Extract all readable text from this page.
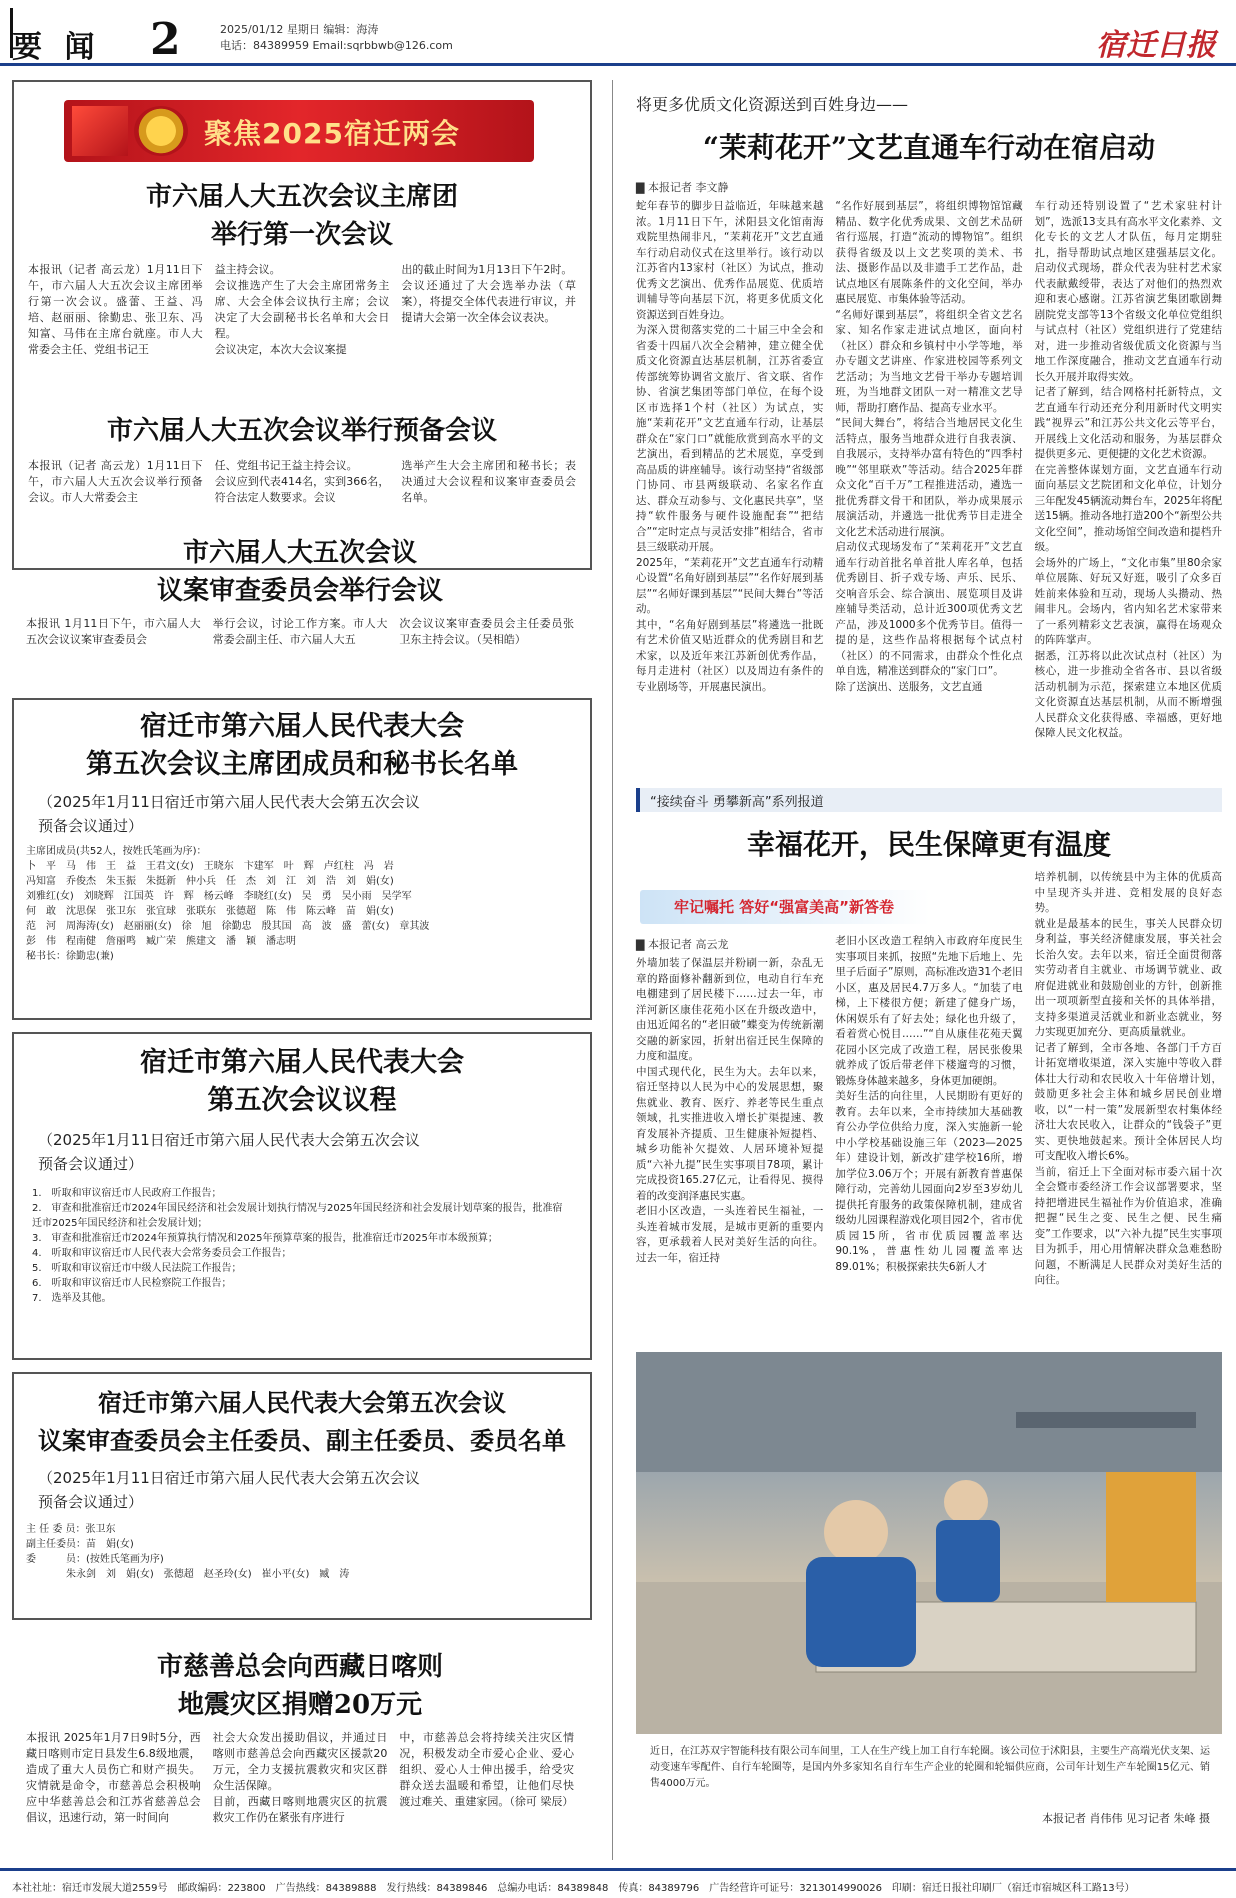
要 闻 2	2025/01/12 星期日 编辑：海涛
电话：84389959 Email:sqrbbwb@126.com	宿迁日报
聚焦2025宿迁两会
市六届人大五次会议主席团
举行第一次会议
本报讯（记者 高云龙）1月11日下午，市六届人大五次会议主席团举行第一次会议。盛蕾、王益、冯培、赵丽丽、徐勤忠、张卫东、冯知富、马伟在主席台就座。市人大常委会主任、党组书记王
益主持会议。
会议推选产生了大会主席团常务主席、大会全体会议执行主席；会议决定了大会副秘书长名单和大会日程。
会议决定，本次大会议案提
出的截止时间为1月13日下午2时。
会议还通过了大会选举办法（草案），将提交全体代表进行审议，并提请大会第一次全体会议表决。
市六届人大五次会议举行预备会议
本报讯（记者 高云龙）1月11日下午，市六届人大五次会议举行预备会议。市人大常委会主
任、党组书记王益主持会议。
会议应到代表414名，实到366名，符合法定人数要求。会议
选举产生大会主席团和秘书长；表决通过大会议程和议案审查委员会名单。
市六届人大五次会议
议案审查委员会举行会议
本报讯 1月11日下午，市六届人大五次会议议案审查委员会
举行会议，讨论工作方案。市人大常委会副主任、市六届人大五
次会议议案审查委员会主任委员张卫东主持会议。（吴相皓）
宿迁市第六届人民代表大会
第五次会议主席团成员和秘书长名单
（2025年1月11日宿迁市第六届人民代表大会第五次会议
预备会议通过）
主席团成员(共52人，按姓氏笔画为序)：
卜　平　马　伟　王　益　王君文(女)　王晓东　卞建军　叶　辉　卢红柱　冯　岩
冯知富　乔俊杰　朱玉振　朱挺新　仲小兵　任　杰　刘　江　刘　浩　刘　娟(女)
刘雅红(女)　刘晓辉　江国英　许　辉　杨云峰　李晓红(女)　吴　勇　吴小雨　吴学军
何　敢　沈思保　张卫东　张宜球　张联东　张德超　陈　伟　陈云峰　苗　娟(女)
范　河　周海涛(女)　赵丽丽(女)　徐　旭　徐勤忠　殷其国　高　波　盛　蕾(女)　章其波
彭　伟　程南健　詹丽鸣　臧广荣　熊建文　潘　颖　潘志明
秘书长：徐勤忠(兼)
宿迁市第六届人民代表大会
第五次会议议程
（2025年1月11日宿迁市第六届人民代表大会第五次会议
预备会议通过）
1.　听取和审议宿迁市人民政府工作报告；
2.　审查和批准宿迁市2024年国民经济和社会发展计划执行情况与2025年国民经济和社会发展计划草案的报告，批准宿迁市2025年国民经济和社会发展计划；
3.　审查和批准宿迁市2024年预算执行情况和2025年预算草案的报告，批准宿迁市2025年市本级预算；
4.　听取和审议宿迁市人民代表大会常务委员会工作报告；
5.　听取和审议宿迁市中级人民法院工作报告；
6.　听取和审议宿迁市人民检察院工作报告；
7.　选举及其他。
宿迁市第六届人民代表大会第五次会议
议案审查委员会主任委员、副主任委员、委员名单
（2025年1月11日宿迁市第六届人民代表大会第五次会议
预备会议通过）
主 任 委 员：张卫东
副主任委员：苗　娟(女)
委　　　员：(按姓氏笔画为序)
　　　　朱永剑　刘　娟(女)　张德超　赵圣玲(女)　崔小平(女)　臧　涛
市慈善总会向西藏日喀则
地震灾区捐赠20万元
本报讯 2025年1月7日9时5分，西藏日喀则市定日县发生6.8级地震，造成了重大人员伤亡和财产损失。灾情就是命令，市慈善总会积极响应中华慈善总会和江苏省慈善总会倡议，迅速行动，第一时间向
社会大众发出援助倡议，并通过日喀则市慈善总会向西藏灾区援款20万元，全力支援抗震救灾和灾区群众生活保障。
目前，西藏日喀则地震灾区的抗震救灾工作仍在紧张有序进行
中，市慈善总会将持续关注灾区情况，积极发动全市爱心企业、爱心组织、爱心人士伸出援手，给受灾群众送去温暖和希望，让他们尽快渡过难关、重建家园。（徐可 梁辰）
将更多优质文化资源送到百姓身边——
“茉莉花开”文艺直通车行动在宿启动
▇ 本报记者 李文静
蛇年春节的脚步日益临近，年味越来越浓。1月11日下午，沭阳县文化馆南海戏院里热闹非凡，“茉莉花开”文艺直通车行动启动仪式在这里举行。该行动以江苏省内13家村（社区）为试点，推动优秀文艺演出、优秀作品展览、优质培训辅导等向基层下沉，将更多优质文化资源送到百姓身边。
为深入贯彻落实党的二十届三中全会和省委十四届八次全会精神，建立健全优质文化资源直达基层机制，江苏省委宣传部统筹协调省文旅厅、省文联、省作协、省演艺集团等部门单位，在每个设区市选择1个村（社区）为试点，实施“茉莉花开”文艺直通车行动，让基层群众在“家门口”就能欣赏到高水平的文艺演出，看到精品的艺术展览，享受到高品质的讲座辅导。该行动坚持“省级部门协同、市县两级联动、名家名作直达、群众互动参与、文化惠民共享”，坚持“软件服务与硬件设施配套”“把结合”“定时定点与灵活安排”相结合，省市县三级联动开展。
2025年，“茉莉花开”文艺直通车行动精心设置“名角好剧到基层”“名作好展到基层”“名师好课到基层”“民间大舞台”等活动。
其中，“名角好剧到基层”将遴选一批既有艺术价值又贴近群众的优秀剧目和艺术家，以及近年来江苏新创优秀作品，每月走进村（社区）以及周边有条件的专业剧场等，开展惠民演出。
“名作好展到基层”，将组织博物馆馆藏精品、数字化优秀成果、文创艺术品研省行巡展，打造“流动的博物馆”。组织获得省级及以上文艺奖项的美术、书法、摄影作品以及非遗手工艺作品，赴试点地区有展陈条件的文化空间，举办惠民展览、市集体验等活动。
“名师好课到基层”，将组织全省文艺名家、知名作家走进试点地区，面向村（社区）群众和乡镇村中小学等地，举办专题文艺讲座、作家进校园等系列文艺活动；为当地文艺骨干举办专题培训班，为当地群文团队一对一精准文艺导师，帮助打磨作品、提高专业水平。
“民间大舞台”，将结合当地居民文化生活特点，服务当地群众进行自我表演、自我展示，支持举办富有特色的“四季村晚”“邻里联欢”等活动。结合2025年群众文化“百千万”工程推进活动，遴选一批优秀群文骨干和团队，举办成果展示展演活动，并遴选一批优秀节目走进全文化艺术活动进行展演。
启动仪式现场发布了“茉莉花开”文艺直通车行动首批名单首批人库名单，包括优秀剧目、折子戏专场、声乐、民乐、交响音乐会、综合演出、展览项目及讲座辅导类活动，总计近300项优秀文艺产品，涉及1000多个优秀节目。值得一提的是，这些作品将根据每个试点村（社区）的不同需求，由群众个性化点单自选，精准送到群众的“家门口”。
除了送演出、送服务，文艺直通
车行动还特别设置了“艺术家驻村计划”，选派13支具有高水平文化素养、文化专长的文艺人才队伍，每月定期驻扎，指导帮助试点地区建强基层文化。启动仪式现场，群众代表为驻村艺术家代表献戴绶带，表达了对他们的热烈欢迎和衷心感谢。江苏省演艺集团歌剧舞剧院党支部等13个省级文化单位党组织与试点村（社区）党组织进行了党建结对，进一步推动省级优质文化资源与当地工作深度融合，推动文艺直通车行动长久开展并取得实效。
记者了解到，结合网格村托新特点，文艺直通车行动还充分利用新时代文明实践“视界云”和江苏公共文化云等平台，开展线上文化活动和服务，为基层群众提供更多元、更便捷的文化艺术资源。
在完善整体谋划方面，文艺直通车行动面向基层文艺院团和文化单位，计划分三年配发45辆流动舞台车，2025年将配送15辆。推动各地打造200个“新型公共文化空间”，推动场馆空间改造和提档升级。
会场外的广场上，“文化市集”里80余家单位展陈、好玩又好逛，吸引了众多百姓前来体验和互动，现场人头攒动、热闹非凡。会场内，省内知名艺术家带来了一系列精彩文艺表演，赢得在场观众的阵阵掌声。
据悉，江苏将以此次试点村（社区）为核心，进一步推动全省各市、县以省级活动机制为示范，探索建立本地区优质文化资源直达基层机制，从而不断增强人民群众文化获得感、幸福感，更好地保障人民文化权益。
“接续奋斗 勇攀新高”系列报道
幸福花开，民生保障更有温度
牢记嘱托 答好“强富美高”新答卷
▇ 本报记者 高云龙
外墙加装了保温层并粉刷一新，杂乱无章的路面修补翻新到位，电动自行车充电棚建到了居民楼下……过去一年，市洋河新区康佳花苑小区在升级改造中，由迅近闻名的“老旧破”蝶变为传统新潮交融的新家园，折射出宿迁民生保障的力度和温度。
中国式现代化，民生为大。去年以来，宿迁坚持以人民为中心的发展思想，聚焦就业、教育、医疗、养老等民生重点领域，扎实推进收入增长扩渠提速、教育发展补齐提质、卫生健康补短提档、城乡功能补欠提效、人居环境补短提质“六补九提”民生实事项目78项，累计完成投资165.27亿元，让看得见、摸得着的改变润泽惠民实惠。
老旧小区改造，一头连着民生福祉，一头连着城市发展，是城市更新的重要内容，更承载着人民对美好生活的向往。过去一年，宿迁持
老旧小区改造工程纳入市政府年度民生实事项目来抓，按照“先地下后地上、先里子后面子”原则，高标准改造31个老旧小区，惠及居民4.7万多人。“加装了电梯，上下楼很方便；新建了健身广场，休闲娱乐有了好去处；绿化也升级了，看着赏心悦目……”“自从康佳花苑天翼花园小区完成了改造工程，居民张俊果就养成了饭后带老伴下楼遛弯的习惯，锻炼身体越来越多，身体更加硬朗。
美好生活的向往里，人民期盼有更好的教育。去年以来，全市持续加大基础教育公办学位供给力度，深入实施新一轮中小学校基础设施三年（2023—2025年）建设计划，新改扩建学校16所，增加学位3.06万个；开展有新教育普惠保障行动，完善幼儿园面向2岁至3岁幼儿提供托育服务的政策保障机制，建成省级幼儿园课程游戏化项目园2个，省市优质园15所，省市优质园覆盖率达90.1%，普惠性幼儿园覆盖率达89.01%；积极探索扶失6新人才
培养机制，以传统县中为主体的优质高中呈现齐头并进、竞相发展的良好态势。
就业是最基本的民生，事关人民群众切身利益，事关经济健康发展，事关社会长治久安。去年以来，宿迁全面贯彻落实劳动者自主就业、市场调节就业、政府促进就业和鼓励创业的方针，创新推出一项项新型直接和关怀的具体举措，支持多渠道灵活就业和新业态就业，努力实现更加充分、更高质量就业。
记者了解到，全市各地、各部门千方百计拓宽增收渠道，深入实施中等收入群体壮大行动和农民收入十年倍增计划，鼓励更多社会主体和城乡居民创业增收，以“一村一策”发展新型农村集体经济壮大农民收入，让群众的“钱袋子”更实、更快地鼓起来。预计全体居民人均可支配收入增长6%。
当前，宿迁上下全面对标市委六届十次全会暨市委经济工作会议部署要求，坚持把增进民生福祉作为价值追求，准确把握“民生之变、民生之便、民生痛变”工作要求，以“六补九提”民生实事项目为抓手，用心用情解决群众急难愁盼问题，不断满足人民群众对美好生活的向往。
近日，在江苏双宇智能科技有限公司车间里，工人在生产线上加工自行车轮圈。该公司位于沭阳县，主要生产高端光伏支架、运动变速车零配件、自行车轮圈等，是国内外多家知名自行车生产企业的轮圈和轮辐供应商，公司年计划生产车轮圈15亿元、销售4000万元。
本报记者 肖伟伟 见习记者 朱峰 摄
本社社址：宿迁市发展大道2559号　邮政编码：223800　广告热线：84389888　发行热线：84389846　总编办电话：84389848　传真：84389796　广告经营许可证号：3213014990026　印刷：宿迁日报社印刷厂（宿迁市宿城区科工路13号）
